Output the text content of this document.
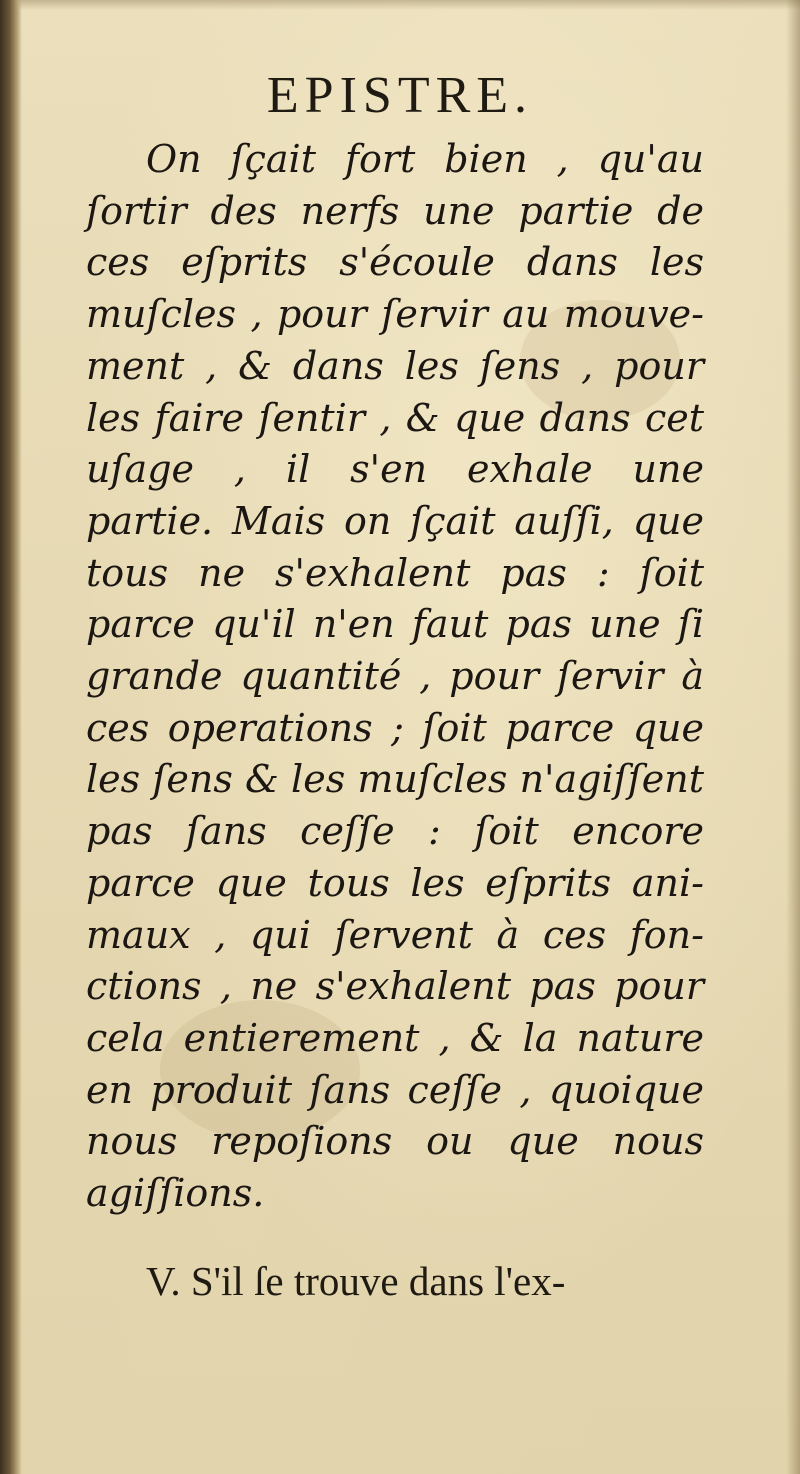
EPISTRE.

On ſçait fort bien , qu'au ſortir des nerfs une partie de ces eſprits s'écoule dans les muſcles , pour ſervir au mouvemen​t , & dans les ſens , pour les faire ſentir , & que dans cet uſage , il s'en exhale une partie. Mais on ſçait auſſi, que tous ne s'exhalent pas : ſoit parce qu'il n'en faut pas une ſi grande quantité , pour ſervir à ces operations ; ſoit parce que les ſens & les muſcles n'agiſſent pas ſans ceſſe : ſoit encore parce que tous les eſprits animaux , qui ſervent à ces fonctions , ne s'exhalent pas pour cela entierement , & la nature en produit ſans ceſſe , quoique nous repoſions ou que nous agiſſions.

V. S'il ſe trouve dans l'ex-
